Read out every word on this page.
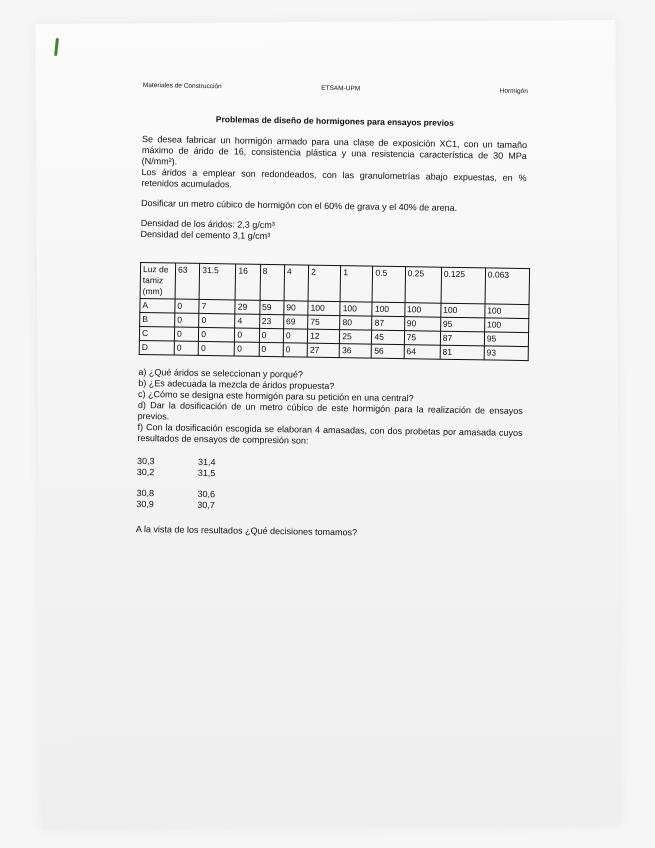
Materiales de Construcción	ETSAM-UPM	Hormigón
Problemas de diseño de hormigones para ensayos previos

Se desea fabricar un hormigón armado para una clase de exposición XC1, con un tamaño máximo de árido de 16, consistencia plástica y una resistencia característica de 30 MPa (N/mm²).

Los áridos a emplear son redondeados, con las granulometrías abajo expuestas, en % retenidos acumulados.

Dosificar un metro cúbico de hormigón con el 60% de grava y el 40% de arena.

Densidad de los áridos: 2,3 g/cm³

Densidad del cemento 3,1 g/cm³

Luz de tamiz (mm)	63	31.5	16	8	4	2	1	0.5	0.25	0.125	0.063
A	0	7	29	59	90	100	100	100	100	100	100
B	0	0	4	23	69	75	80	87	90	95	100
C	0	0	0	0	0	12	25	45	75	87	95
D	0	0	0	0	0	27	36	56	64	81	93

a) ¿Qué áridos se seleccionan y porqué?

b) ¿Es adecuada la mezcla de áridos propuesta?

c) ¿Cómo se designa este hormigón para su petición en una central?

d) Dar la dosificación de un metro cúbico de este hormigón para la realización de ensayos previos.

f) Con la dosificación escogida se elaboran 4 amasadas, con dos probetas por amasada cuyos resultados de ensayos de compresión son:

30,3	31,4
30,2	31,5
30,8	30,6
30,9	30,7

A la vista de los resultados ¿Qué decisiones tomamos?
